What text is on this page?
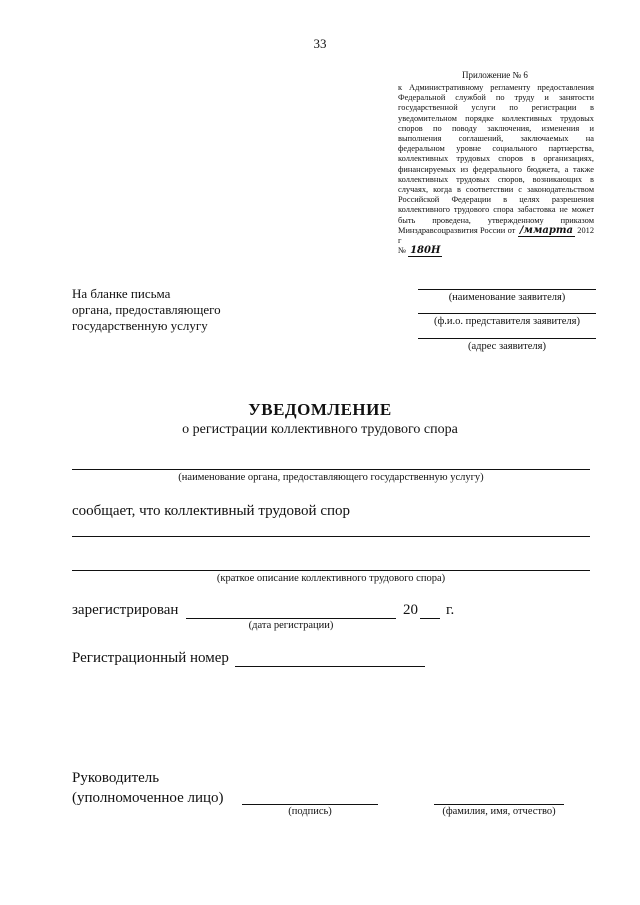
33
Приложение № 6
к Административному регламенту предоставления Федеральной службой по труду и занятости государственной услуги по регистрации в уведомительном порядке коллективных трудовых споров по поводу заключения, изменения и выполнения соглашений, заключаемых на федеральном уровне социального партнерства, коллективных трудовых споров в организациях, финансируемых из федерального бюджета, а также коллективных трудовых споров, возникающих в случаях, когда в соответствии с законодательством Российской Федерации в целях разрешения коллективного трудового спора забастовка не может быть проведена, утвержденному приказом Минздравсоцразвития России от /ммарта 2012 г
№ 180Н
На бланке письма
органа, предоставляющего
государственную услугу
(наименование заявителя)
(ф.и.о. представителя заявителя)
(адрес заявителя)
УВЕДОМЛЕНИЕ
о регистрации коллективного трудового спора
(наименование органа, предоставляющего государственную услугу)
сообщает, что коллективный трудовой спор
(краткое описание коллективного трудового спора)
зарегистрирован
(дата регистрации)
20 г.
Регистрационный номер
Руководитель
(уполномоченное лицо)
(подпись)	(фамилия, имя, отчество)
